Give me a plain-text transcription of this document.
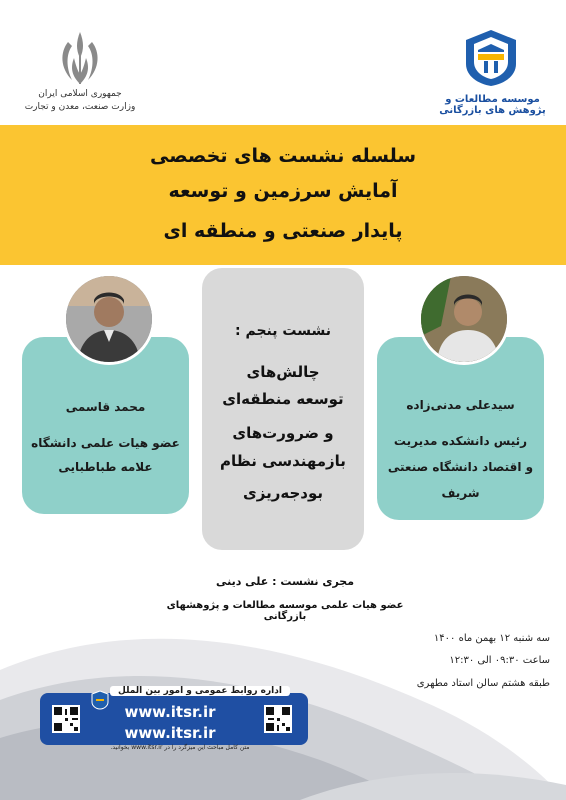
جمهوری اسلامی ایران
وزارت صنعت، معدن و تجارت
موسسه مطالعات و پژوهش های بازرگانی
سلسله نشست های تخصصی
آمایش سرزمین و توسعه
پایدار صنعتی و منطقه ای
محمد قاسمی
عضو هیات علمی دانشگاه
علامه طباطبایی
سیدعلی مدنی‌زاده
رئیس دانشکده مدیریت
و اقتصاد دانشگاه صنعتی
شریف
نشست پنجم :
چالش‌های
توسعه منطقه‌ای
و ضرورت‌های
بازمهندسی نظام
بودجه‌ریزی
مجری نشست : علی دینی
عضو هیات علمی موسسه مطالعات و پژوهشهای بازرگانی
سه شنبه ۱۲ بهمن ماه ۱۴۰۰
ساعت ۰۹:۳۰ الی ۱۲:۳۰
طبقه هشتم سالن استاد مطهری
اداره روابط عمومی و امور بین الملل
www.itsr.ir
www.itsr.ir
متن کامل مباحث این میزگرد را در www.itsr.ir بخوانید.
